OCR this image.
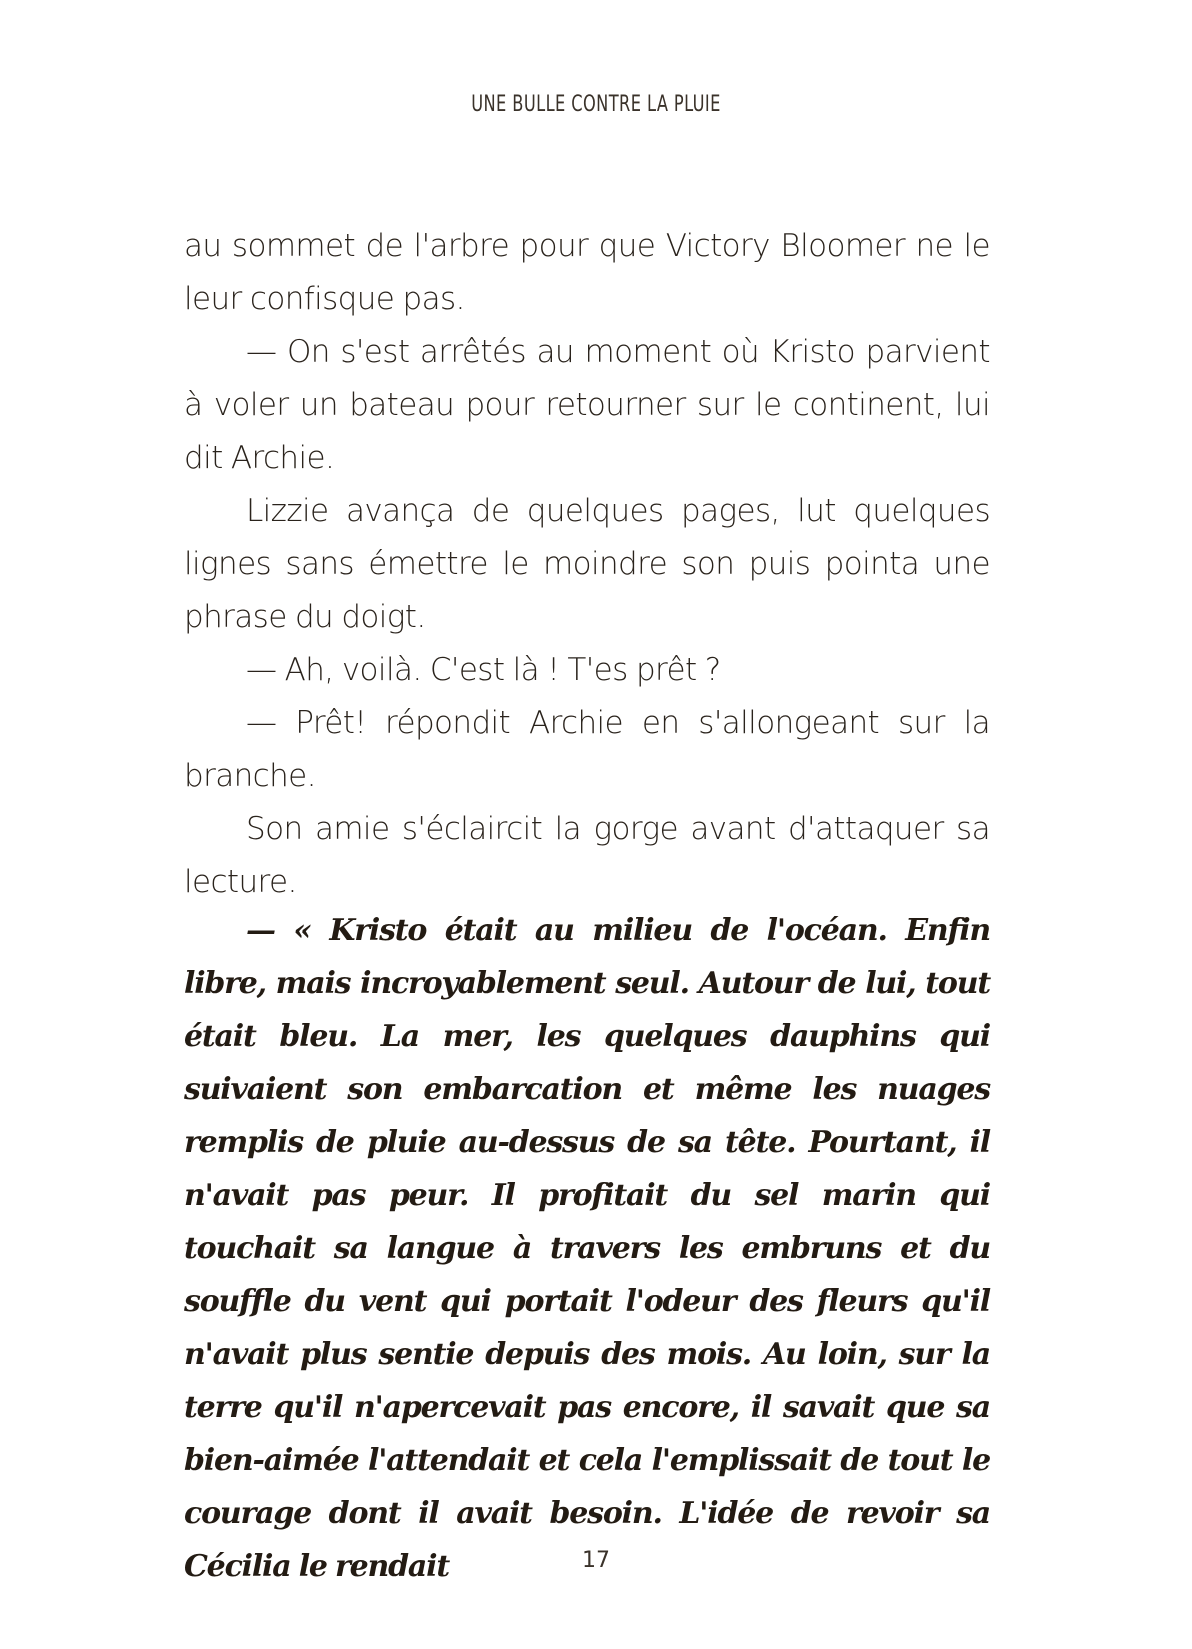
UNE BULLE CONTRE LA PLUIE

au sommet de l'arbre pour que Victory Bloomer ne le leur confisque pas.

— On s'est arrêtés au moment où Kristo parvient à voler un bateau pour retourner sur le continent, lui dit Archie.

Lizzie avança de quelques pages, lut quelques lignes sans émettre le moindre son puis pointa une phrase du doigt.

— Ah, voilà. C'est là ! T'es prêt ?

— Prêt! répondit Archie en s'allongeant sur la branche.

Son amie s'éclaircit la gorge avant d'attaquer sa lecture.

— « Kristo était au milieu de l'océan. Enfin libre, mais incroyablement seul. Autour de lui, tout était bleu. La mer, les quelques dauphins qui suivaient son embarcation et même les nuages remplis de pluie au-dessus de sa tête. Pourtant, il n'avait pas peur. Il profitait du sel marin qui touchait sa langue à travers les embruns et du souffle du vent qui portait l'odeur des fleurs qu'il n'avait plus sentie depuis des mois. Au loin, sur la terre qu'il n'apercevait pas encore, il savait que sa bien-aimée l'attendait et cela l'emplissait de tout le courage dont il avait besoin. L'idée de revoir sa Cécilia le rendait	17
